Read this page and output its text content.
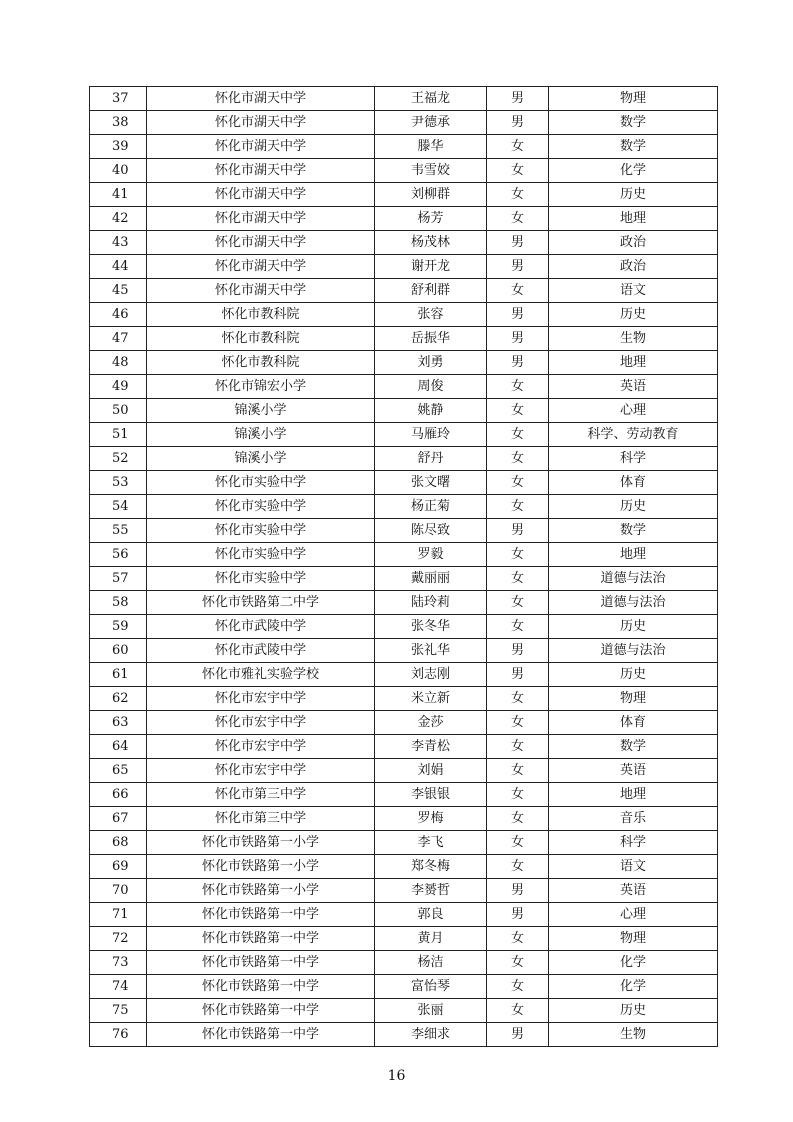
37	怀化市湖天中学	王福龙	男	物理
38	怀化市湖天中学	尹德承	男	数学
39	怀化市湖天中学	滕华	女	数学
40	怀化市湖天中学	韦雪姣	女	化学
41	怀化市湖天中学	刘柳群	女	历史
42	怀化市湖天中学	杨芳	女	地理
43	怀化市湖天中学	杨茂林	男	政治
44	怀化市湖天中学	谢开龙	男	政治
45	怀化市湖天中学	舒利群	女	语文
46	怀化市教科院	张容	男	历史
47	怀化市教科院	岳振华	男	生物
48	怀化市教科院	刘勇	男	地理
49	怀化市锦宏小学	周俊	女	英语
50	锦溪小学	姚静	女	心理
51	锦溪小学	马雁玲	女	科学、劳动教育
52	锦溪小学	舒丹	女	科学
53	怀化市实验中学	张文曙	女	体育
54	怀化市实验中学	杨正菊	女	历史
55	怀化市实验中学	陈尽致	男	数学
56	怀化市实验中学	罗毅	女	地理
57	怀化市实验中学	戴丽丽	女	道德与法治
58	怀化市铁路第二中学	陆玲莉	女	道德与法治
59	怀化市武陵中学	张冬华	女	历史
60	怀化市武陵中学	张礼华	男	道德与法治
61	怀化市雅礼实验学校	刘志刚	男	历史
62	怀化市宏宇中学	米立新	女	物理
63	怀化市宏宇中学	金莎	女	体育
64	怀化市宏宇中学	李青松	女	数学
65	怀化市宏宇中学	刘娟	女	英语
66	怀化市第三中学	李银银	女	地理
67	怀化市第三中学	罗梅	女	音乐
68	怀化市铁路第一小学	李飞	女	科学
69	怀化市铁路第一小学	郑冬梅	女	语文
70	怀化市铁路第一小学	李赟哲	男	英语
71	怀化市铁路第一中学	郭良	男	心理
72	怀化市铁路第一中学	黄月	女	物理
73	怀化市铁路第一中学	杨洁	女	化学
74	怀化市铁路第一中学	富怡琴	女	化学
75	怀化市铁路第一中学	张丽	女	历史
76	怀化市铁路第一中学	李细求	男	生物
16
